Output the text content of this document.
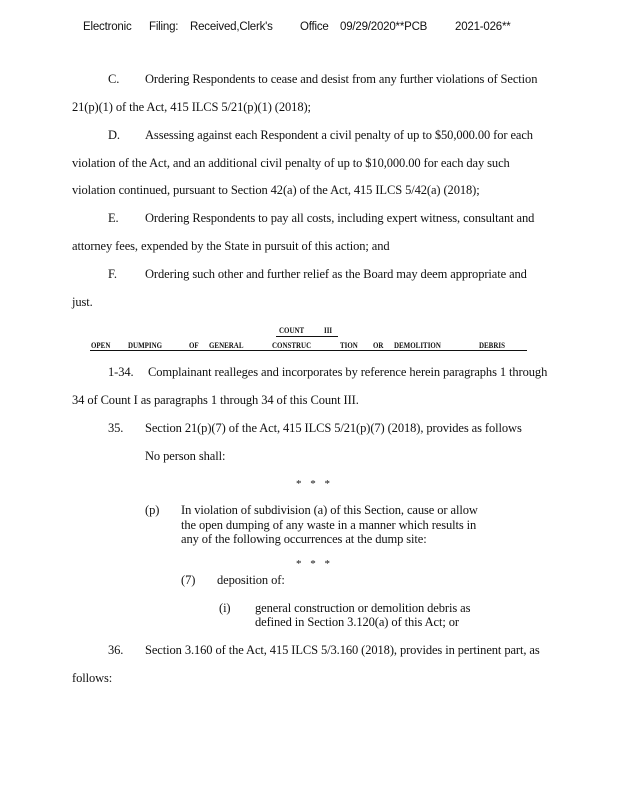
Electronic

Filing:

Received,Clerk's

Office

09/29/2020**PCB

2021-026**

C. Ordering Respondents to cease and desist from any further violations of Section
21(p)(1) of the Act, 415 ILCS 5/21(p)(1) (2018);
D. Assessing against each Respondent a civil penalty of up to $50,000.00 for each
violation of the Act, and an additional civil penalty of up to $10,000.00 for each day such
violation continued, pursuant to Section 42(a) of the Act, 415 ILCS 5/42(a) (2018);
E. Ordering Respondents to pay all costs, including expert witness, consultant and
attorney fees, expended by the State in pursuit of this action; and
F. Ordering such other and further relief as the Board may deem appropriate and
just.
COUNT III
OPEN DUMPING	OF GENERAL	CONSTRUC	TION OR DEMOLITION	DEBRIS
1-34. Complainant realleges and incorporates by reference herein paragraphs 1 through
34 of Count I as paragraphs 1 through 34 of this Count III.
35. Section 21(p)(7) of the Act, 415 ILCS 5/21(p)(7) (2018), provides as follows
No person shall:
* * *
(p) In violation of subdivision (a) of this Section, cause or allow
the open dumping of any waste in a manner which results in
any of the following occurrences at the dump site:
* * *
(7) deposition of:
(i) general construction or demolition debris as
defined in Section 3.120(a) of this Act; or
36. Section 3.160 of the Act, 415 ILCS 5/3.160 (2018), provides in pertinent part, as
follows:
